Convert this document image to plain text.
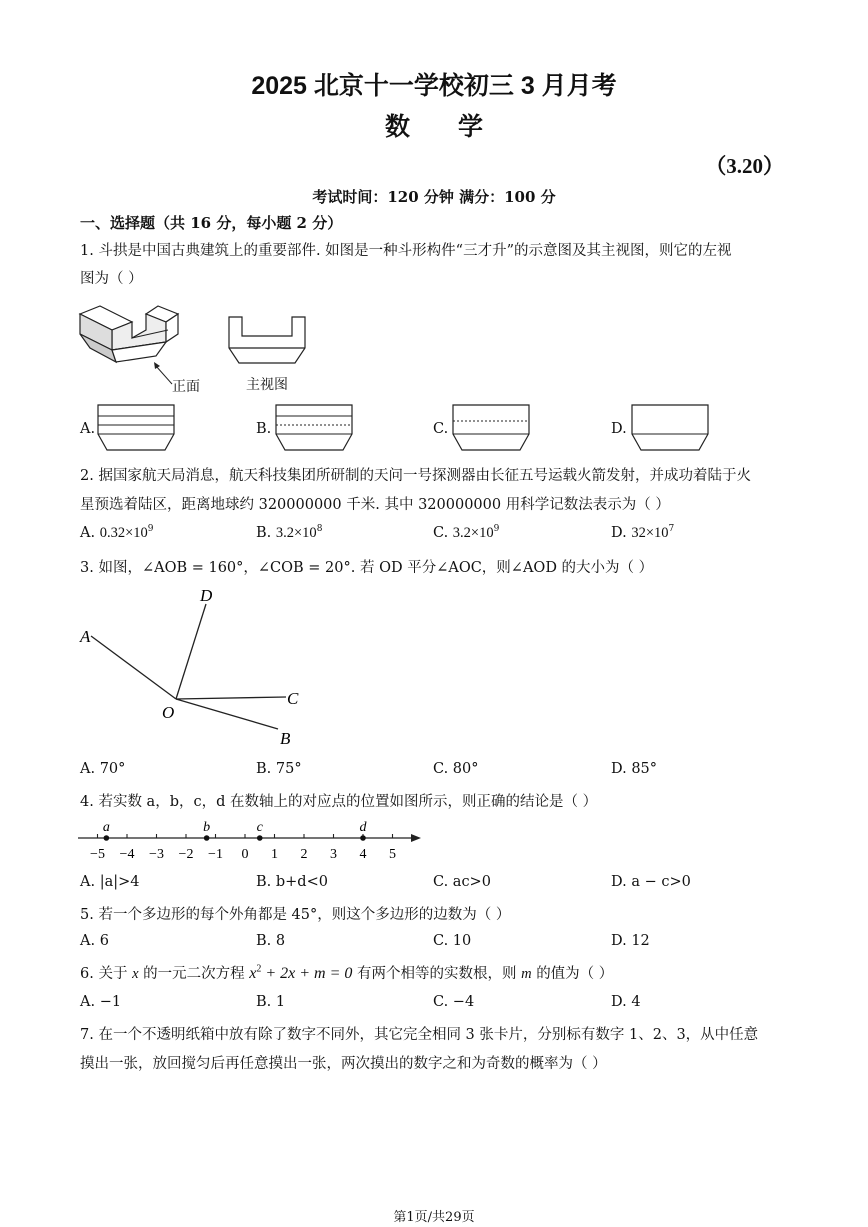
2025 北京十一学校初三 3 月月考
数学
（3.20）
考试时间：120 分钟 满分：100 分
一、选择题（共 16 分，每小题 2 分）
1. 斗拱是中国古典建筑上的重要部件. 如图是一种斗形构件“三才升”的示意图及其主视图，则它的左视
图为（ ）
正面	主视图
A.	B.	C.	D.
2. 据国家航天局消息，航天科技集团所研制的天问一号探测器由长征五号运载火箭发射，并成功着陆于火
星预选着陆区，距离地球约 320000000 千米. 其中 320000000 用科学记数法表示为（ ）
A. $0.32\times 10^9$	B. $3.2\times 10^8$	C. $3.2\times 10^9$	D. $32\times 10^7$
3. 如图，∠AOB = 160°，∠COB = 20°. 若 OD 平分∠AOC，则∠AOD 的大小为（ ）
A
D
C
B
O
A. 70°	B. 75°	C. 80°	D. 85°
4. 若实数 a，b，c，d 在数轴上的对应点的位置如图所示，则正确的结论是（ ）
−5 −4 −3 −2 −1 0 1 2 3 4 5
a	b	c	d
A. |a|>4	B. b+d<0	C. ac>0	D. a − c>0
5. 若一个多边形的每个外角都是 45°，则这个多边形的边数为（ ）
A. 6	B. 8	C. 10	D. 12
6. 关于 x 的一元二次方程 $x^2 + 2x + m = 0$ 有两个相等的实数根，则 m 的值为（ ）
A. −1	B. 1	C. −4	D. 4
7. 在一个不透明纸箱中放有除了数字不同外，其它完全相同 3 张卡片，分别标有数字 1、2、3，从中任意
摸出一张，放回搅匀后再任意摸出一张，两次摸出的数字之和为奇数的概率为（ ）
第1页/共29页
